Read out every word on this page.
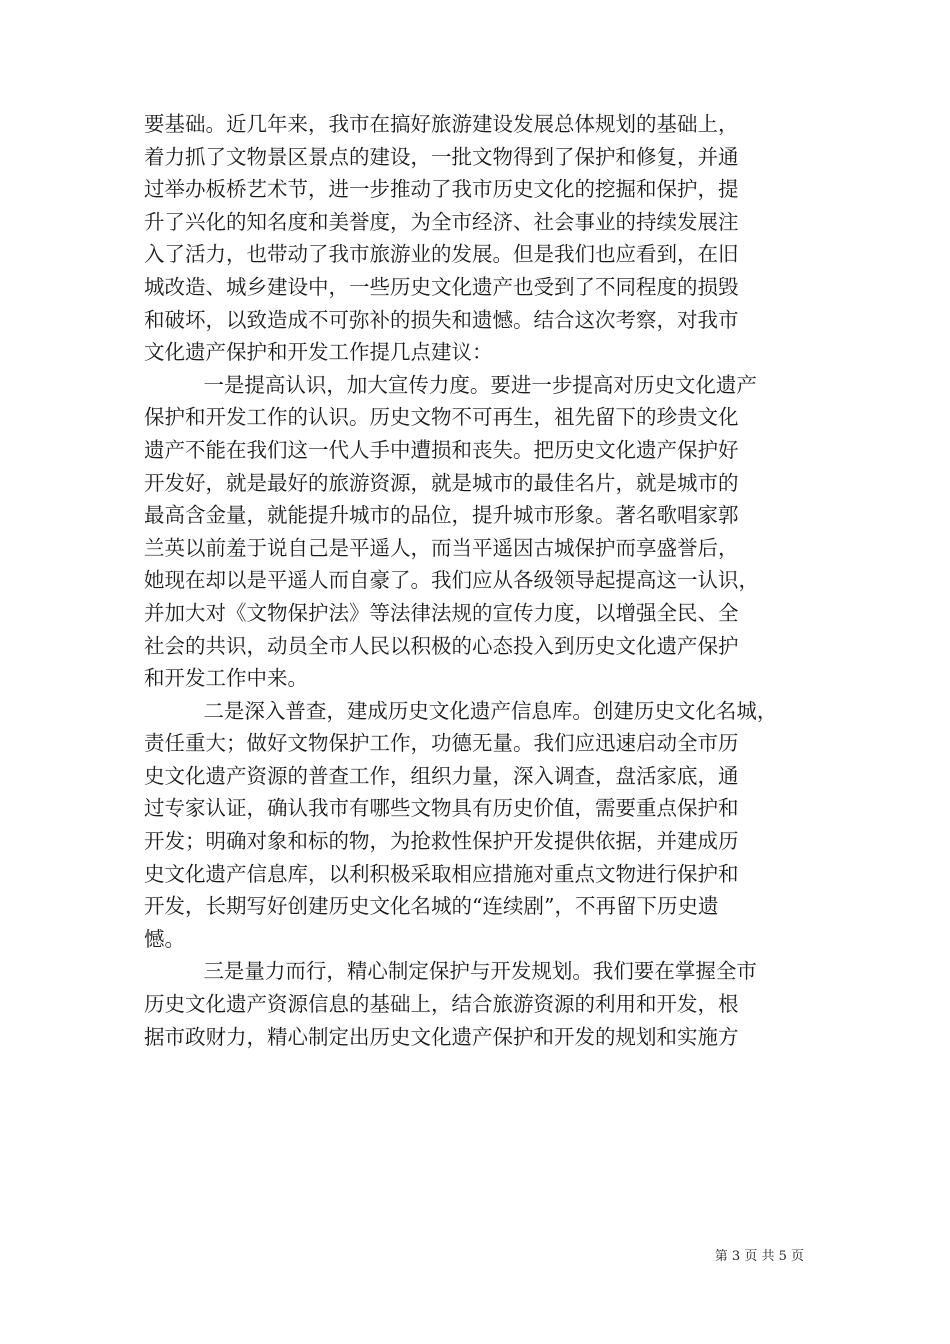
要基础。近几年来，我市在搞好旅游建设发展总体规划的基础上，
着力抓了文物景区景点的建设，一批文物得到了保护和修复，并通
过举办板桥艺术节，进一步推动了我市历史文化的挖掘和保护，提
升了兴化的知名度和美誉度，为全市经济、社会事业的持续发展注
入了活力，也带动了我市旅游业的发展。但是我们也应看到，在旧
城改造、城乡建设中，一些历史文化遗产也受到了不同程度的损毁
和破坏，以致造成不可弥补的损失和遗憾。结合这次考察，对我市
文化遗产保护和开发工作提几点建议：
一是提高认识，加大宣传力度。要进一步提高对历史文化遗产
保护和开发工作的认识。历史文物不可再生，祖先留下的珍贵文化
遗产不能在我们这一代人手中遭损和丧失。把历史文化遗产保护好
开发好，就是最好的旅游资源，就是城市的最佳名片，就是城市的
最高含金量，就能提升城市的品位，提升城市形象。著名歌唱家郭
兰英以前羞于说自己是平遥人，而当平遥因古城保护而享盛誉后，
她现在却以是平遥人而自豪了。我们应从各级领导起提高这一认识，
并加大对《文物保护法》等法律法规的宣传力度，以增强全民、全
社会的共识，动员全市人民以积极的心态投入到历史文化遗产保护
和开发工作中来。
二是深入普查，建成历史文化遗产信息库。创建历史文化名城，
责任重大；做好文物保护工作，功德无量。我们应迅速启动全市历
史文化遗产资源的普查工作，组织力量，深入调查，盘活家底，通
过专家认证，确认我市有哪些文物具有历史价值，需要重点保护和
开发；明确对象和标的物，为抢救性保护开发提供依据，并建成历
史文化遗产信息库，以利积极采取相应措施对重点文物进行保护和
开发，长期写好创建历史文化名城的“连续剧”，不再留下历史遗
憾。
三是量力而行，精心制定保护与开发规划。我们要在掌握全市
历史文化遗产资源信息的基础上，结合旅游资源的利用和开发，根
据市政财力，精心制定出历史文化遗产保护和开发的规划和实施方
第 3 页 共 5 页
